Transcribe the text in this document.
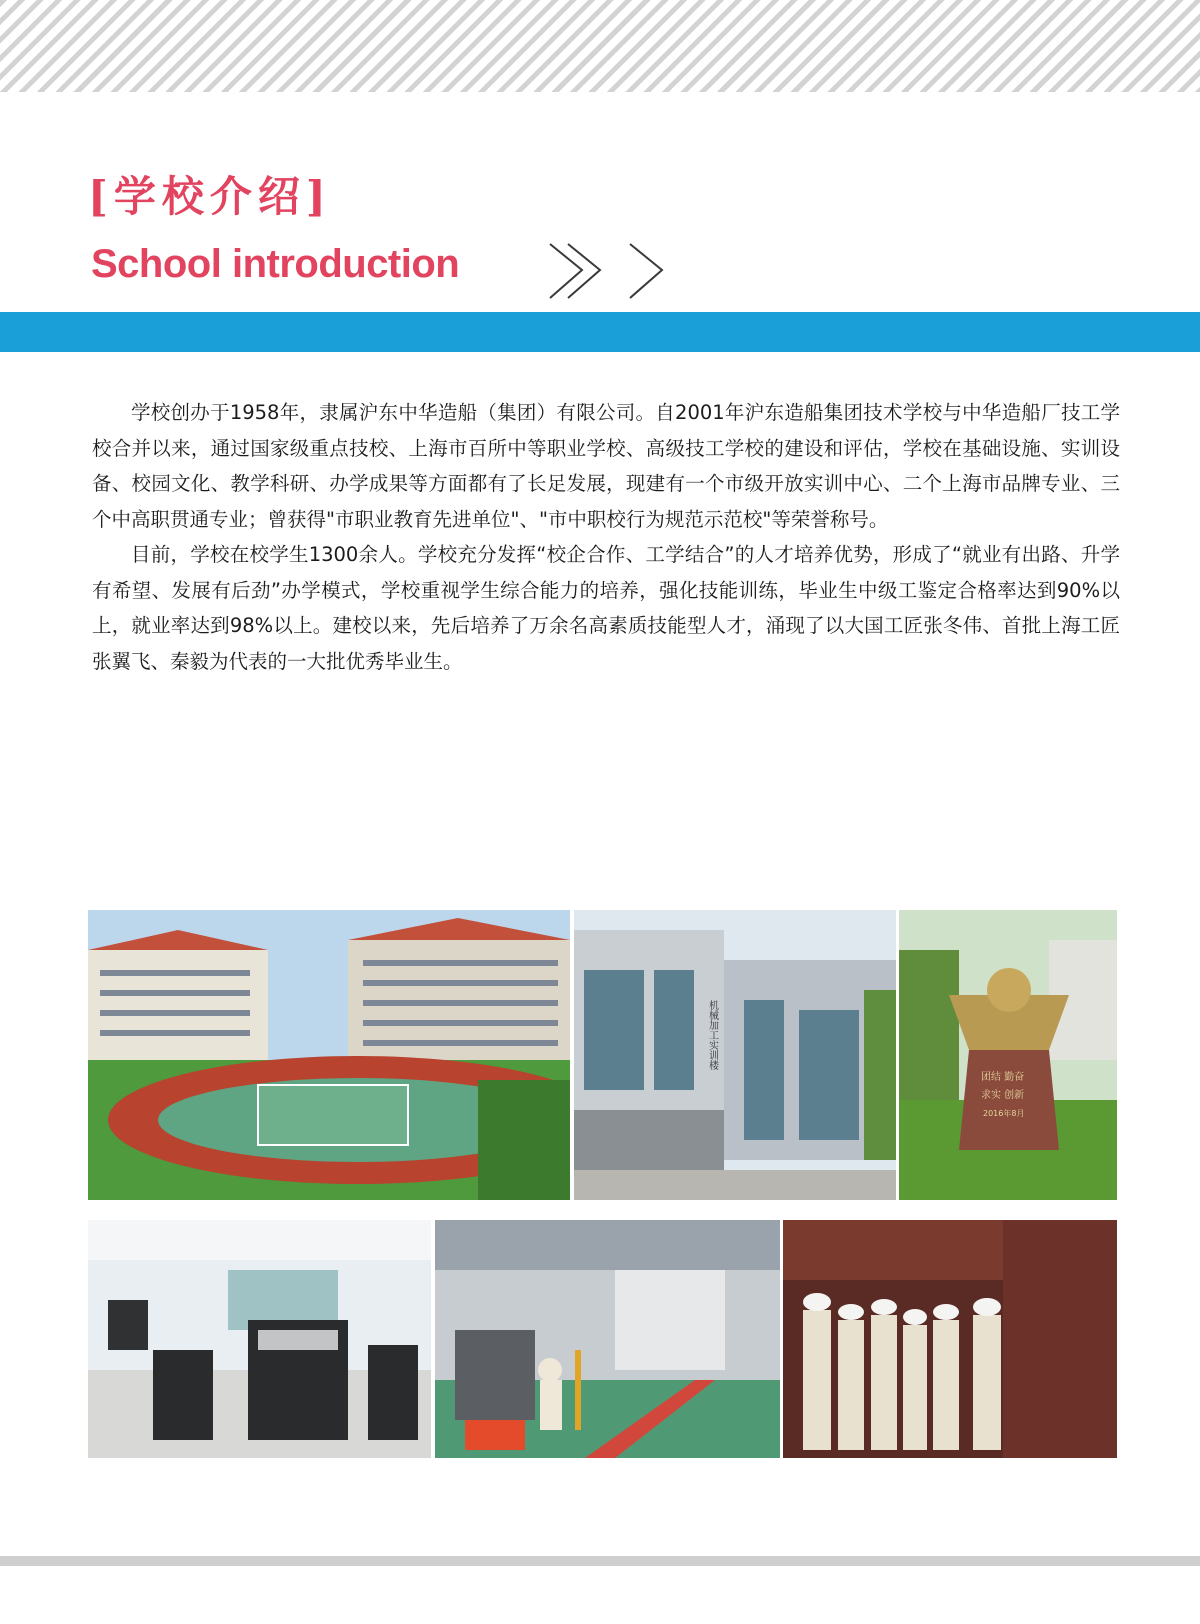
[学校介绍]
School introduction

学校创办于1958年，隶属沪东中华造船（集团）有限公司。自2001年沪东造船集团技术学校与中华造船厂技工学校合并以来，通过国家级重点技校、上海市百所中等职业学校、高级技工学校的建设和评估，学校在基础设施、实训设备、校园文化、教学科研、办学成果等方面都有了长足发展，现建有一个市级开放实训中心、二个上海市品牌专业、三个中高职贯通专业；曾获得"市职业教育先进单位"、"市中职校行为规范示范校"等荣誉称号。

目前，学校在校学生1300余人。学校充分发挥“校企合作、工学结合”的人才培养优势，形成了“就业有出路、升学有希望、发展有后劲”办学模式，学校重视学生综合能力的培养，强化技能训练，毕业生中级工鉴定合格率达到90%以上，就业率达到98%以上。建校以来，先后培养了万余名高素质技能型人才，涌现了以大国工匠张冬伟、首批上海工匠张翼飞、秦毅为代表的一大批优秀毕业生。

机械加工实训楼
团结 勤奋
求实 创新
2016年8月
